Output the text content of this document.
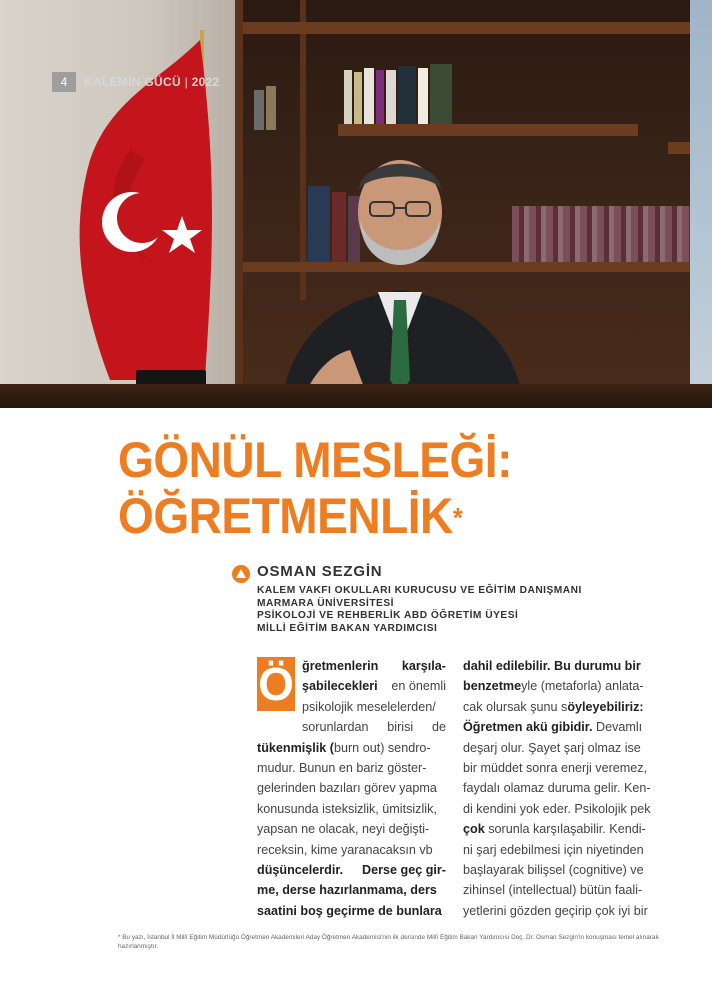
4	KALEMİN GÜCÜ | 2022
GÖNÜL MESLEĞİ:
ÖĞRETMENLİK*
OSMAN SEZGİN
KALEM VAKFI OKULLARI KURUCUSU VE EĞİTİM DANIŞMANI
MARMARA ÜNİVERSİTESİ
PSİKOLOJİ VE REHBERLİK ABD ÖĞRETİM ÜYESİ
MİLLİ EĞİTİM BAKAN YARDIMCISI
Ö ğretmenlerin karşıla-
şabilecekleri en önemli
psikolojik meselelerden/
sorunlardan birisi de
tükenmişlik ( burn out) sendro-
mudur. Bunun en bariz göster-
gelerinden bazıları görev yapma
konusunda isteksizlik, ümitsizlik,
yapsan ne olacak, neyi değişti-
receksin, kime yaranacaksın vb
düşüncelerdir. Derse geç gir-
me, derse hazırlanmama, ders
saatini boş geçirme de bunlara
dahil edilebilir. Bu durumu bir
benzetme yle (metaforla) anlata-
cak olursak şunu s öyleyebiliriz:
Öğretmen akü gibidir. Devamlı
deşarj olur. Şayet şarj olmaz ise
bir müddet sonra enerji veremez,
faydalı olamaz duruma gelir. Ken-
di kendini yok eder. Psikolojik pek
çok sorunla karşılaşabilir. Kendi-
ni şarj edebilmesi için niyetinden
başlayarak bilişsel (cognitive) ve
zihinsel (intellectual) bütün faali-
yetlerini gözden geçirip çok iyi bir
* Bu yazı, İstanbul İl Millî Eğitim Müdürlüğü Öğretmen Akademileri Aday Öğretmen Akademisi'nin ilk dersinde Millî Eğitim Bakan Yardımcısı Doç. Dr. Osman Sezgin'in konuşması temel alınarak hazırlanmıştır.
